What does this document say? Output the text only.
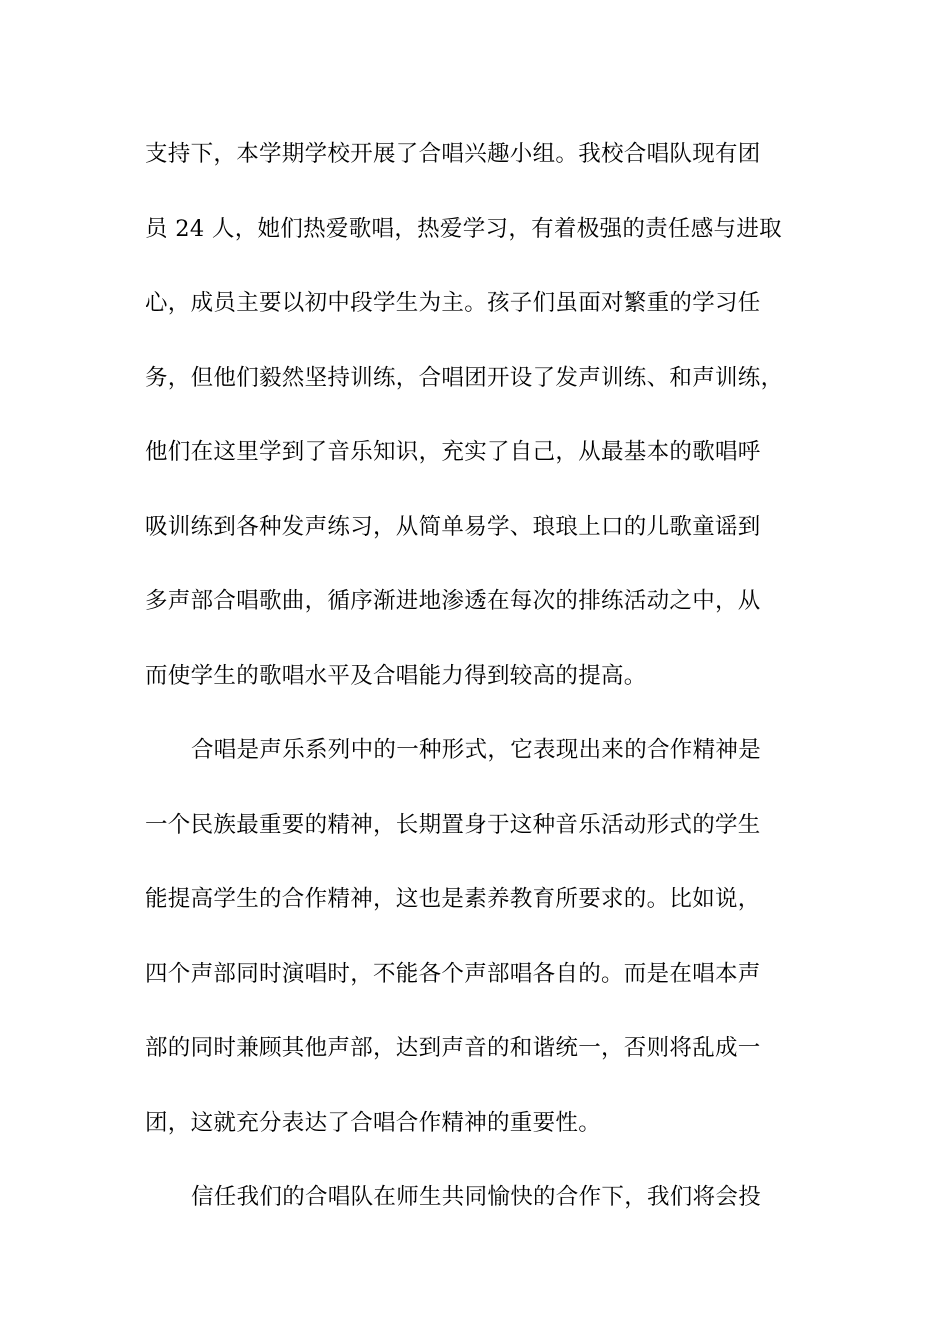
支持下，本学期学校开展了合唱兴趣小组。我校合唱队现有团
员 24 人，她们热爱歌唱，热爱学习，有着极强的责任感与进取
心，成员主要以初中段学生为主。孩子们虽面对繁重的学习任
务，但他们毅然坚持训练，合唱团开设了发声训练、和声训练，
他们在这里学到了音乐知识，充实了自己，从最基本的歌唱呼
吸训练到各种发声练习，从简单易学、琅琅上口的儿歌童谣到
多声部合唱歌曲，循序渐进地渗透在每次的排练活动之中，从
而使学生的歌唱水平及合唱能力得到较高的提高。
合唱是声乐系列中的一种形式，它表现出来的合作精神是
一个民族最重要的精神，长期置身于这种音乐活动形式的学生
能提高学生的合作精神，这也是素养教育所要求的。比如说，
四个声部同时演唱时，不能各个声部唱各自的。而是在唱本声
部的同时兼顾其他声部，达到声音的和谐统一，否则将乱成一
团，这就充分表达了合唱合作精神的重要性。
信任我们的合唱队在师生共同愉快的合作下，我们将会投
